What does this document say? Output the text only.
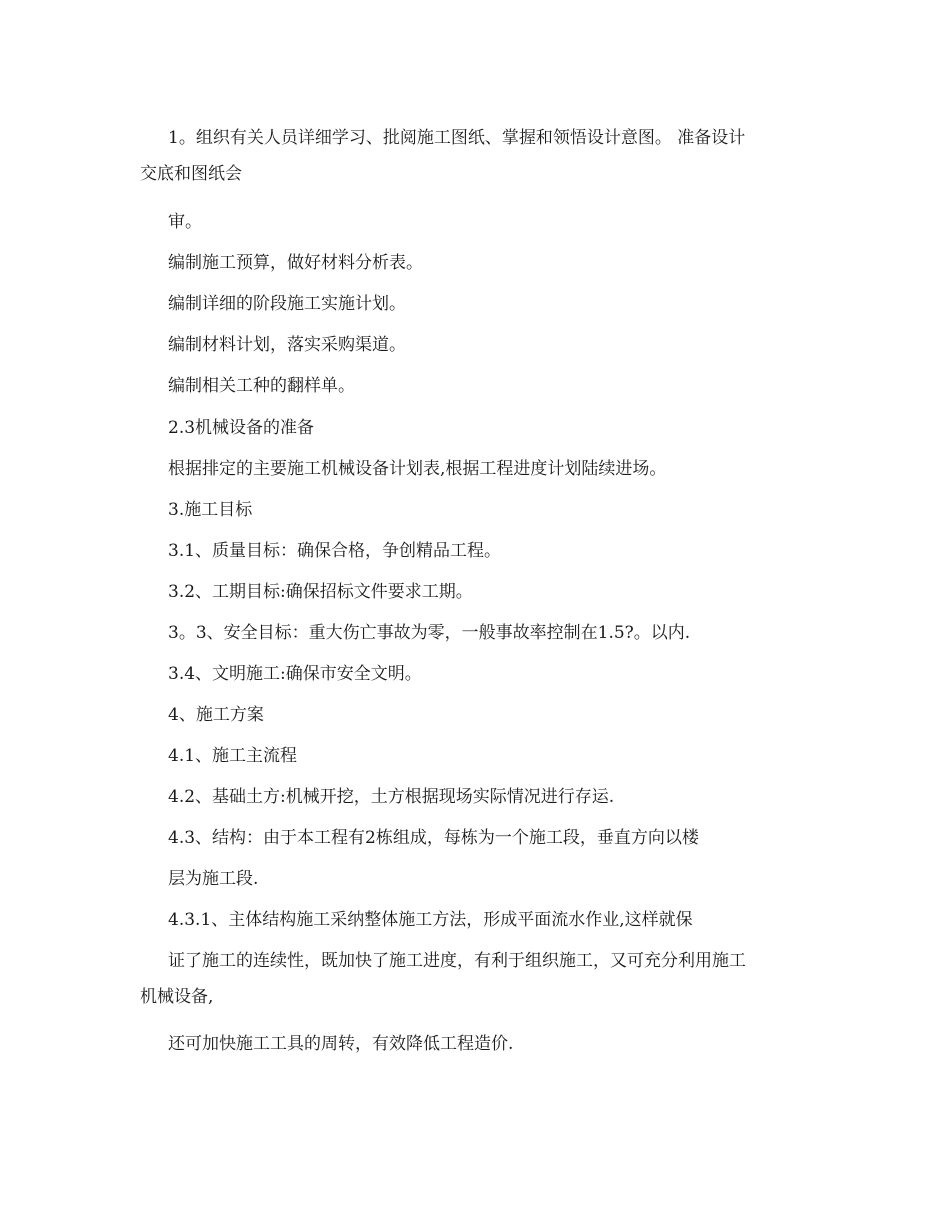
1。组织有关人员详细学习、批阅施工图纸、掌握和领悟设计意图。 准备设计
交底和图纸会
审。
编制施工预算，做好材料分析表。
编制详细的阶段施工实施计划。
编制材料计划，落实采购渠道。
编制相关工种的翻样单。
2.3机械设备的准备
根据排定的主要施工机械设备计划表,根据工程进度计划陆续进场。
3.施工目标
3.1、质量目标：确保合格，争创精品工程。
3.2、工期目标:确保招标文件要求工期。
3。3、安全目标：重大伤亡事故为零，一般事故率控制在1.5?。以内.
3.4、文明施工:确保市安全文明。
4、施工方案
4.1、施工主流程
4.2、基础土方:机械开挖，土方根据现场实际情况进行存运.
4.3、结构：由于本工程有2栋组成，每栋为一个施工段，垂直方向以楼
层为施工段.
4.3.1、主体结构施工采纳整体施工方法，形成平面流水作业,这样就保
证了施工的连续性，既加快了施工进度，有利于组织施工，又可充分利用施工
机械设备,
还可加快施工工具的周转，有效降低工程造价.
